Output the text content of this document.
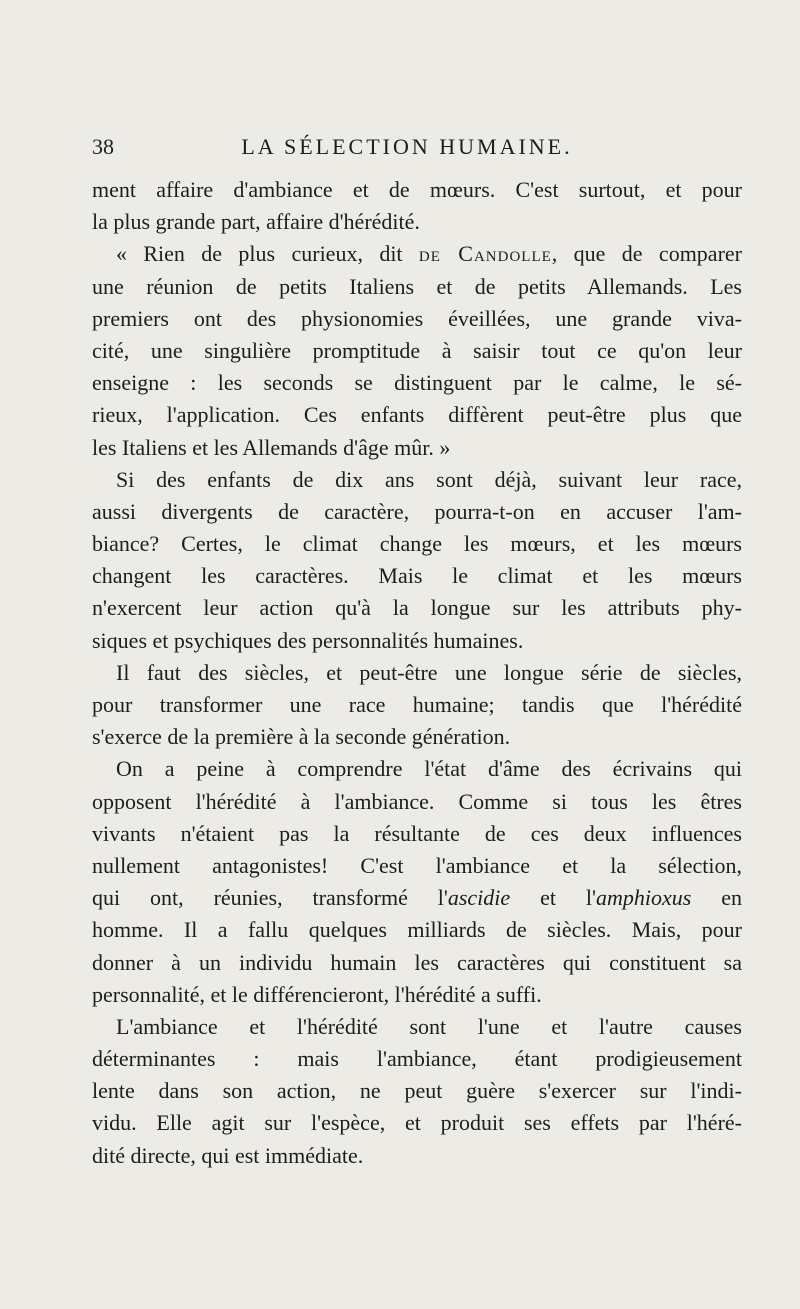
38	LA SÉLECTION HUMAINE.
ment affaire d'ambiance et de mœurs. C'est surtout, et pour
la plus grande part, affaire d'hérédité.
« Rien de plus curieux, dit de Candolle, que de comparer
une réunion de petits Italiens et de petits Allemands. Les
premiers ont des physionomies éveillées, une grande viva-
cité, une singulière promptitude à saisir tout ce qu'on leur
enseigne : les seconds se distinguent par le calme, le sé-
rieux, l'application. Ces enfants diffèrent peut-être plus que
les Italiens et les Allemands d'âge mûr. »
Si des enfants de dix ans sont déjà, suivant leur race,
aussi divergents de caractère, pourra-t-on en accuser l'am-
biance? Certes, le climat change les mœurs, et les mœurs
changent les caractères. Mais le climat et les mœurs
n'exercent leur action qu'à la longue sur les attributs phy-
siques et psychiques des personnalités humaines.
Il faut des siècles, et peut-être une longue série de siècles,
pour transformer une race humaine; tandis que l'hérédité
s'exerce de la première à la seconde génération.
On a peine à comprendre l'état d'âme des écrivains qui
opposent l'hérédité à l'ambiance. Comme si tous les êtres
vivants n'étaient pas la résultante de ces deux influences
nullement antagonistes! C'est l'ambiance et la sélection,
qui ont, réunies, transformé l'ascidie et l'amphioxus en
homme. Il a fallu quelques milliards de siècles. Mais, pour
donner à un individu humain les caractères qui constituent sa
personnalité, et le différencieront, l'hérédité a suffi.
L'ambiance et l'hérédité sont l'une et l'autre causes
déterminantes : mais l'ambiance, étant prodigieusement
lente dans son action, ne peut guère s'exercer sur l'indi-
vidu. Elle agit sur l'espèce, et produit ses effets par l'héré-
dité directe, qui est immédiate.
